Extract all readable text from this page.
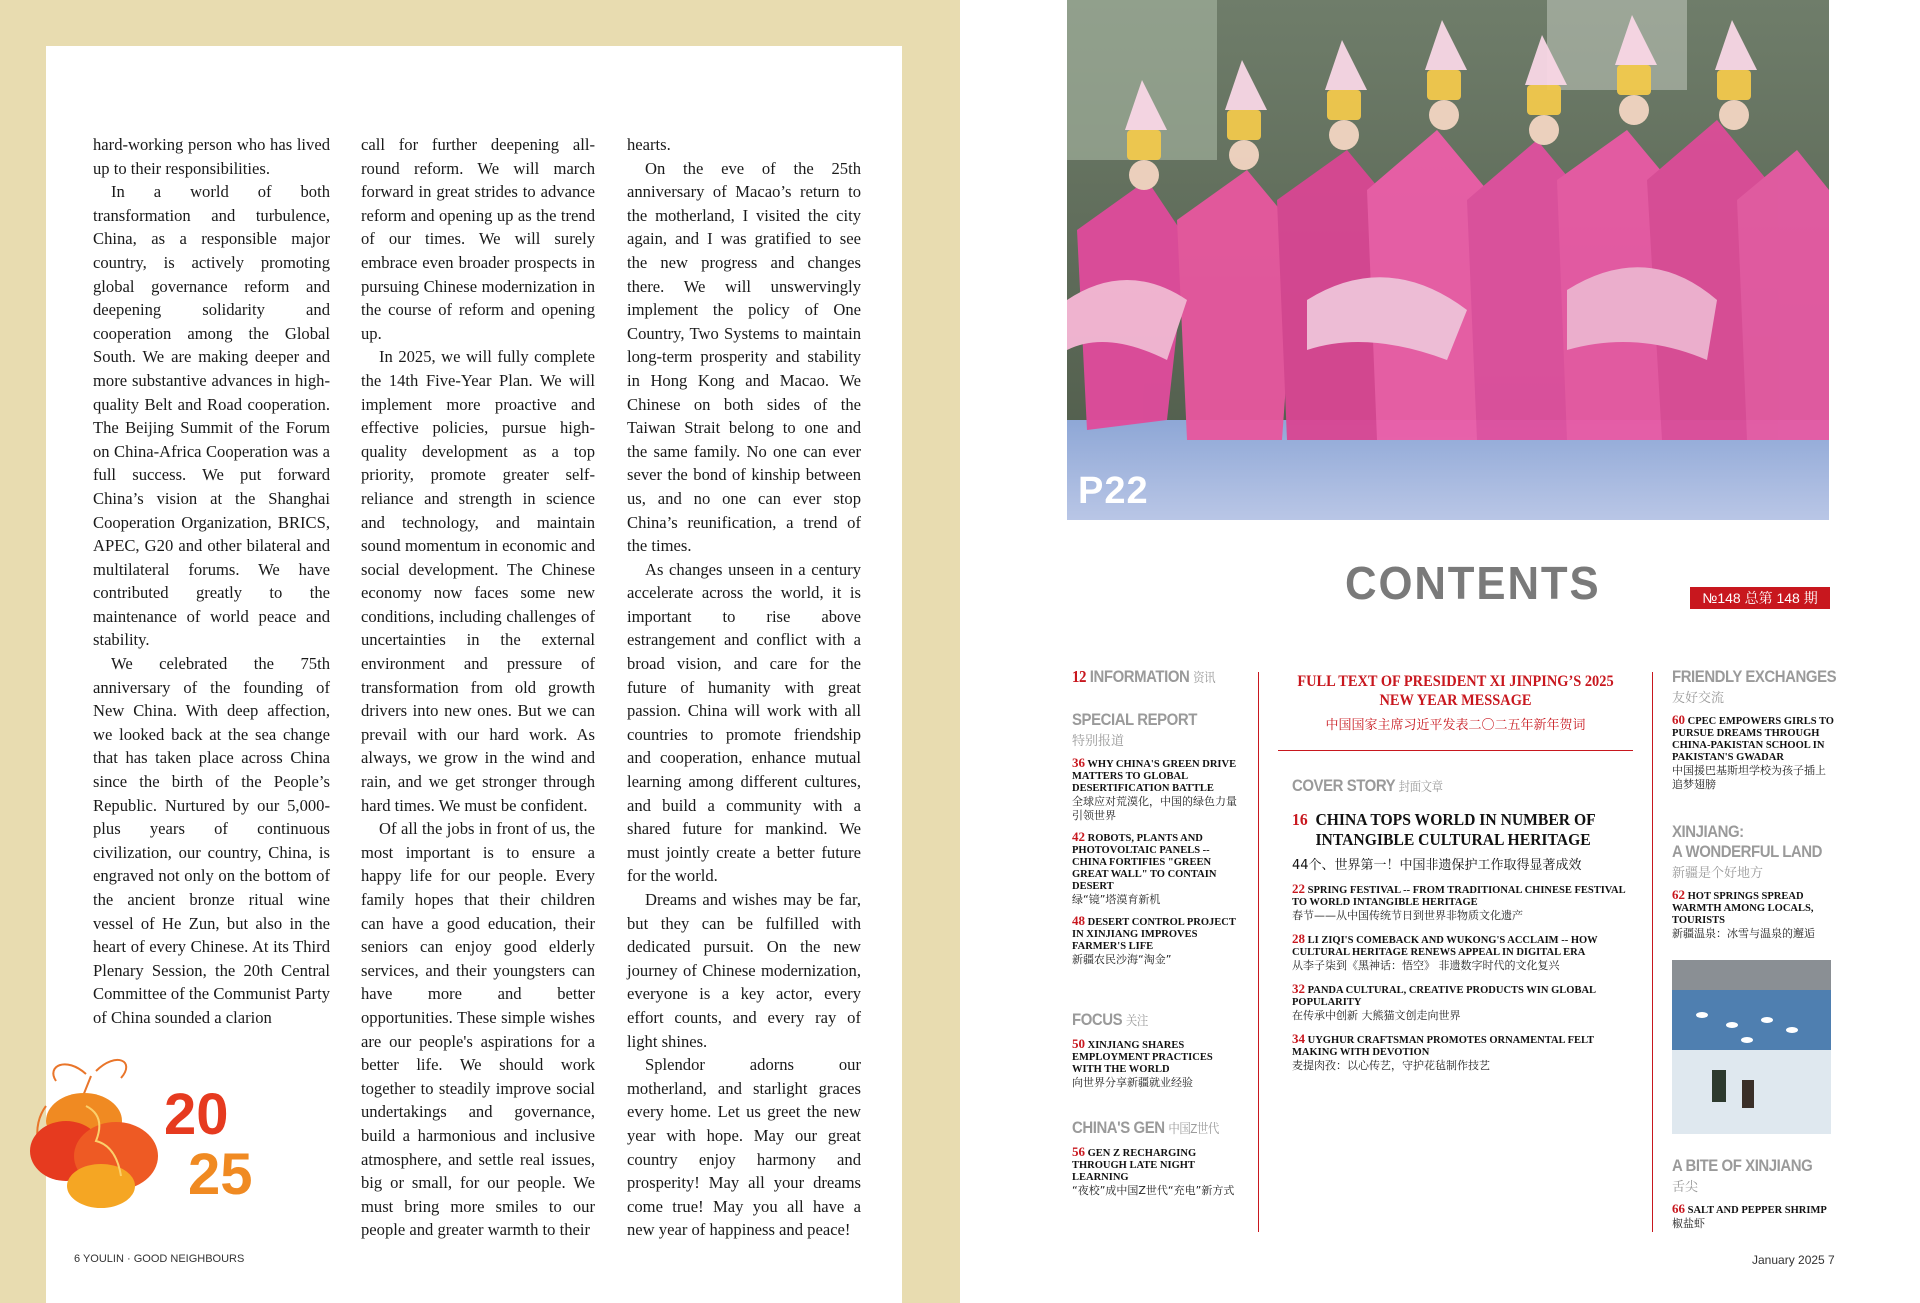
hard-working person who has lived up to their responsibilities.

In a world of both transformation and turbulence, China, as a responsible major country, is actively promoting global governance reform and deepening solidarity and cooperation among the Global South. We are making deeper and more substantive advances in high-quality Belt and Road cooperation. The Beijing Summit of the Forum on China-Africa Cooperation was a full success. We put forward China’s vision at the Shanghai Cooperation Organization, BRICS, APEC, G20 and other bilateral and multilateral forums. We have contributed greatly to the maintenance of world peace and stability.

We celebrated the 75th anniversary of the founding of New China. With deep affection, we looked back at the sea change that has taken place across China since the birth of the People’s Republic. Nurtured by our 5,000-plus years of continuous civilization, our country, China, is engraved not only on the bottom of the ancient bronze ritual wine vessel of He Zun, but also in the heart of every Chinese. At its Third Plenary Session, the 20th Central Committee of the Communist Party of China sounded a clarion

call for further deepening all-round reform. We will march forward in great strides to advance reform and opening up as the trend of our times. We will surely embrace even broader prospects in pursuing Chinese modernization in the course of reform and opening up.

In 2025, we will fully complete the 14th Five-Year Plan. We will implement more proactive and effective policies, pursue high-quality development as a top priority, promote greater self-reliance and strength in science and technology, and maintain sound momentum in economic and social development. The Chinese economy now faces some new conditions, including challenges of uncertainties in the external environment and pressure of transformation from old growth drivers into new ones. But we can prevail with our hard work. As always, we grow in the wind and rain, and we get stronger through hard times. We must be confident.

Of all the jobs in front of us, the most important is to ensure a happy life for our people. Every family hopes that their children can have a good education, their seniors can enjoy good elderly services, and their youngsters can have more and better opportunities. These simple wishes are our people's aspirations for a better life. We should work together to steadily improve social undertakings and governance, build a harmonious and inclusive atmosphere, and settle real issues, big or small, for our people. We must bring more smiles to our people and greater warmth to their

hearts.

On the eve of the 25th anniversary of Macao’s return to the motherland, I visited the city again, and I was gratified to see the new progress and changes there. We will unswervingly implement the policy of One Country, Two Systems to maintain long-term prosperity and stability in Hong Kong and Macao. We Chinese on both sides of the Taiwan Strait belong to one and the same family. No one can ever sever the bond of kinship between us, and no one can ever stop China’s reunification, a trend of the times.

As changes unseen in a century accelerate across the world, it is important to rise above estrangement and conflict with a broad vision, and care for the future of humanity with great passion. China will work with all countries to promote friendship and cooperation, enhance mutual learning among different cultures, and build a community with a shared future for mankind. We must jointly create a better future for the world.

Dreams and wishes may be far, but they can be fulfilled with dedicated pursuit. On the new journey of Chinese modernization, everyone is a key actor, every effort counts, and every ray of light shines.

Splendor adorns our motherland, and starlight graces every home. Let us greet the new year with hope. May our great country enjoy harmony and prosperity! May all your dreams come true! May you all have a new year of happiness and peace!

20
25
6 YOULIN · GOOD NEIGHBOURS
P22
CONTENTS	№148 总第 148 期
12 INFORMATION 资讯
SPECIAL REPORT
特别报道
36 WHY CHINA'S GREEN DRIVE MATTERS TO GLOBAL DESERTIFICATION BATTLE
全球应对荒漠化，中国的绿色力量引领世界
42 ROBOTS, PLANTS AND PHOTOVOLTAIC PANELS -- CHINA FORTIFIES "GREEN GREAT WALL" TO CONTAIN DESERT
绿“镜”塔漠育新机
48 DESERT CONTROL PROJECT IN XINJIANG IMPROVES FARMER'S LIFE
新疆农民沙海“淘金”
FOCUS 关注
50 XINJIANG SHARES EMPLOYMENT PRACTICES WITH THE WORLD
向世界分享新疆就业经验
CHINA'S GEN 中国Z世代
56 GEN Z RECHARGING THROUGH LATE NIGHT LEARNING
“夜校”成中国Z世代“充电”新方式
FULL TEXT OF PRESIDENT XI JINPING’S 2025 NEW YEAR MESSAGE
中国国家主席习近平发表二〇二五年新年贺词
COVER STORY 封面文章
16 CHINA TOPS WORLD IN NUMBER OF INTANGIBLE CULTURAL HERITAGE
44个、世界第一！中国非遗保护工作取得显著成效
22 SPRING FESTIVAL -- FROM TRADITIONAL CHINESE FESTIVAL TO WORLD INTANGIBLE HERITAGE
春节——从中国传统节日到世界非物质文化遗产
28 LI ZIQI'S COMEBACK AND WUKONG'S ACCLAIM -- HOW CULTURAL HERITAGE RENEWS APPEAL IN DIGITAL ERA
从李子柒到《黑神话：悟空》 非遗数字时代的文化复兴
32 PANDA CULTURAL, CREATIVE PRODUCTS WIN GLOBAL POPULARITY
在传承中创新 大熊猫文创走向世界
34 UYGHUR CRAFTSMAN PROMOTES ORNAMENTAL FELT MAKING WITH DEVOTION
麦提肉孜：以心传艺，守护花毡制作技艺
FRIENDLY EXCHANGES
友好交流
60 CPEC EMPOWERS GIRLS TO PURSUE DREAMS THROUGH CHINA-PAKISTAN SCHOOL IN PAKISTAN'S GWADAR
中国援巴基斯坦学校为孩子插上追梦翅膀
XINJIANG:
A WONDERFUL LAND
新疆是个好地方
62 HOT SPRINGS SPREAD WARMTH AMONG LOCALS, TOURISTS
新疆温泉：冰雪与温泉的邂逅
A BITE OF XINJIANG
舌尖
66 SALT AND PEPPER SHRIMP
椒盐虾
January 2025 7
